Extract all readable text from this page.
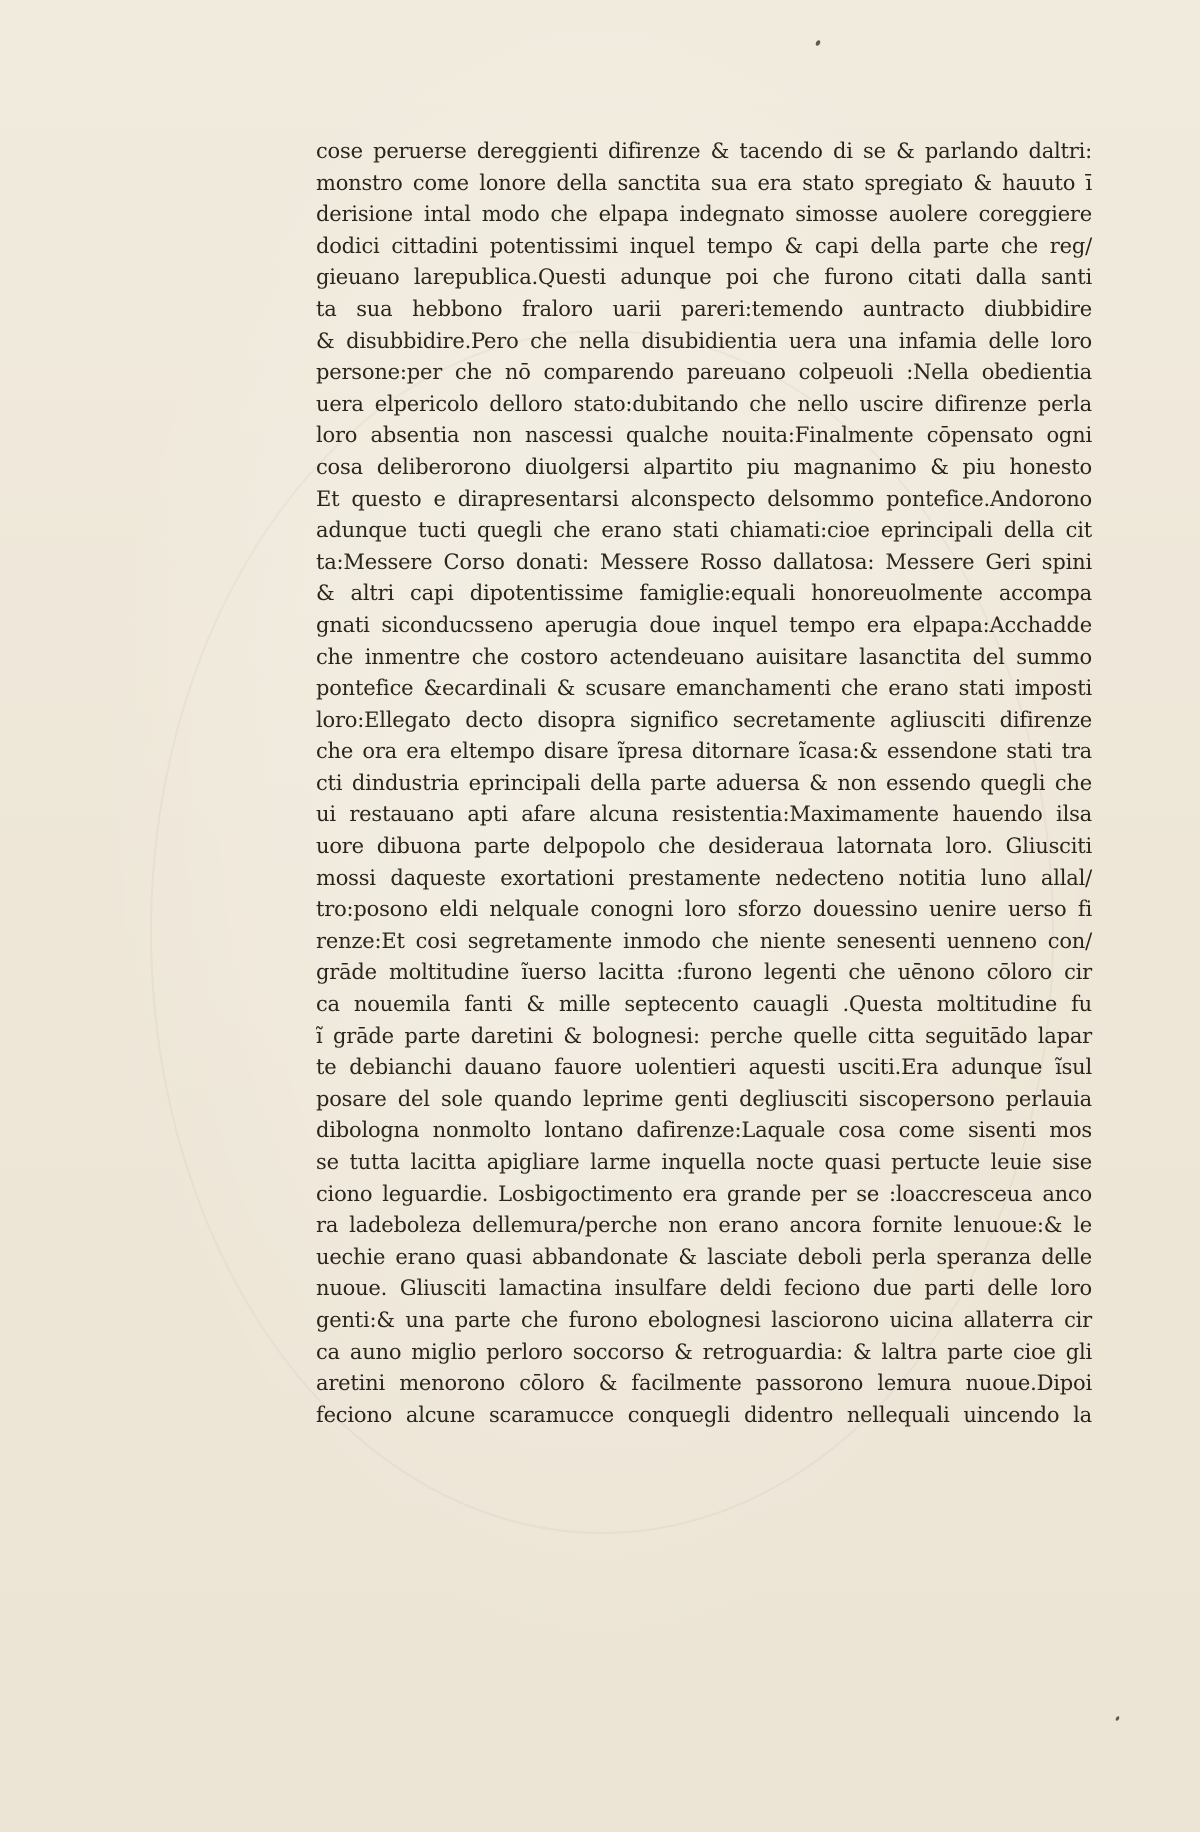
cose peruerse dereggienti difirenze & tacendo di se & parlando daltri:
monstro come lonore della sanctita sua era stato spregiato & hauuto ī
derisione intal modo che elpapa indegnato simosse auolere coreggiere
dodici cittadini potentissimi inquel tempo & capi della parte che reg/
gieuano larepublica.Questi adunque poi che furono citati dalla santi
ta sua hebbono fraloro uarii pareri:temendo auntracto diubbidire
& disubbidire.Pero che nella disubidientia uera una infamia delle loro
persone:per che nō comparendo pareuano colpeuoli :Nella obedientia
uera elpericolo delloro stato:dubitando che nello uscire difirenze perla
loro absentia non nascessi qualche nouita:Finalmente cōpensato ogni
cosa deliberorono diuolgersi alpartito piu magnanimo & piu honesto
Et questo e dirapresentarsi alconspecto delsommo pontefice.Andorono
adunque tucti quegli che erano stati chiamati:cioe eprincipali della cit
ta:Messere Corso donati: Messere Rosso dallatosa: Messere Geri spini
& altri capi dipotentissime famiglie:equali honoreuolmente accompa
gnati siconducsseno aperugia doue inquel tempo era elpapa:Acchadde
che inmentre che costoro actendeuano auisitare lasanctita del summo
pontefice &ecardinali & scusare emanchamenti che erano stati imposti
loro:Ellegato decto disopra significo secretamente agliusciti difirenze
che ora era eltempo disare ĩpresa ditornare ĩcasa:& essendone stati tra
cti dindustria eprincipali della parte aduersa & non essendo quegli che
ui restauano apti afare alcuna resistentia:Maximamente hauendo ilsa
uore dibuona parte delpopolo che desideraua latornata loro. Gliusciti
mossi daqueste exortationi prestamente nedecteno notitia luno allal/
tro:posono eldi nelquale conogni loro sforzo douessino uenire uerso fi
renze:Et cosi segretamente inmodo che niente senesenti uenneno con/
grāde moltitudine ĩuerso lacitta :furono legenti che uēnono cōloro cir
ca nouemila fanti & mille septecento cauagli .Questa moltitudine fu
ĩ grāde parte daretini & bolognesi: perche quelle citta seguitādo lapar
te debianchi dauano fauore uolentieri aquesti usciti.Era adunque ĩsul
posare del sole quando leprime genti degliusciti siscopersono perlauia
dibologna nonmolto lontano dafirenze:Laquale cosa come sisenti mos
se tutta lacitta apigliare larme inquella nocte quasi pertucte leuie sise
ciono leguardie. Losbigoctimento era grande per se :loaccrescеua anco
ra ladeboleza dellemura/perche non erano ancora fornite lenuoue:& le
uechie erano quasi abbandonate & lasciate deboli perla speranza delle
nuoue. Gliusciti lamactina insulfare deldi feciono due parti delle loro
genti:& una parte che furono ebolognesi lasciorono uicina allaterra cir
ca auno miglio perloro soccorso & retroguardia: & laltra parte cioe gli
aretini menorono cōloro & facilmente passorono lemura nuoue.Dipoi
feciono alcune scaramucce conquegli didentro nellequali uincendo la
